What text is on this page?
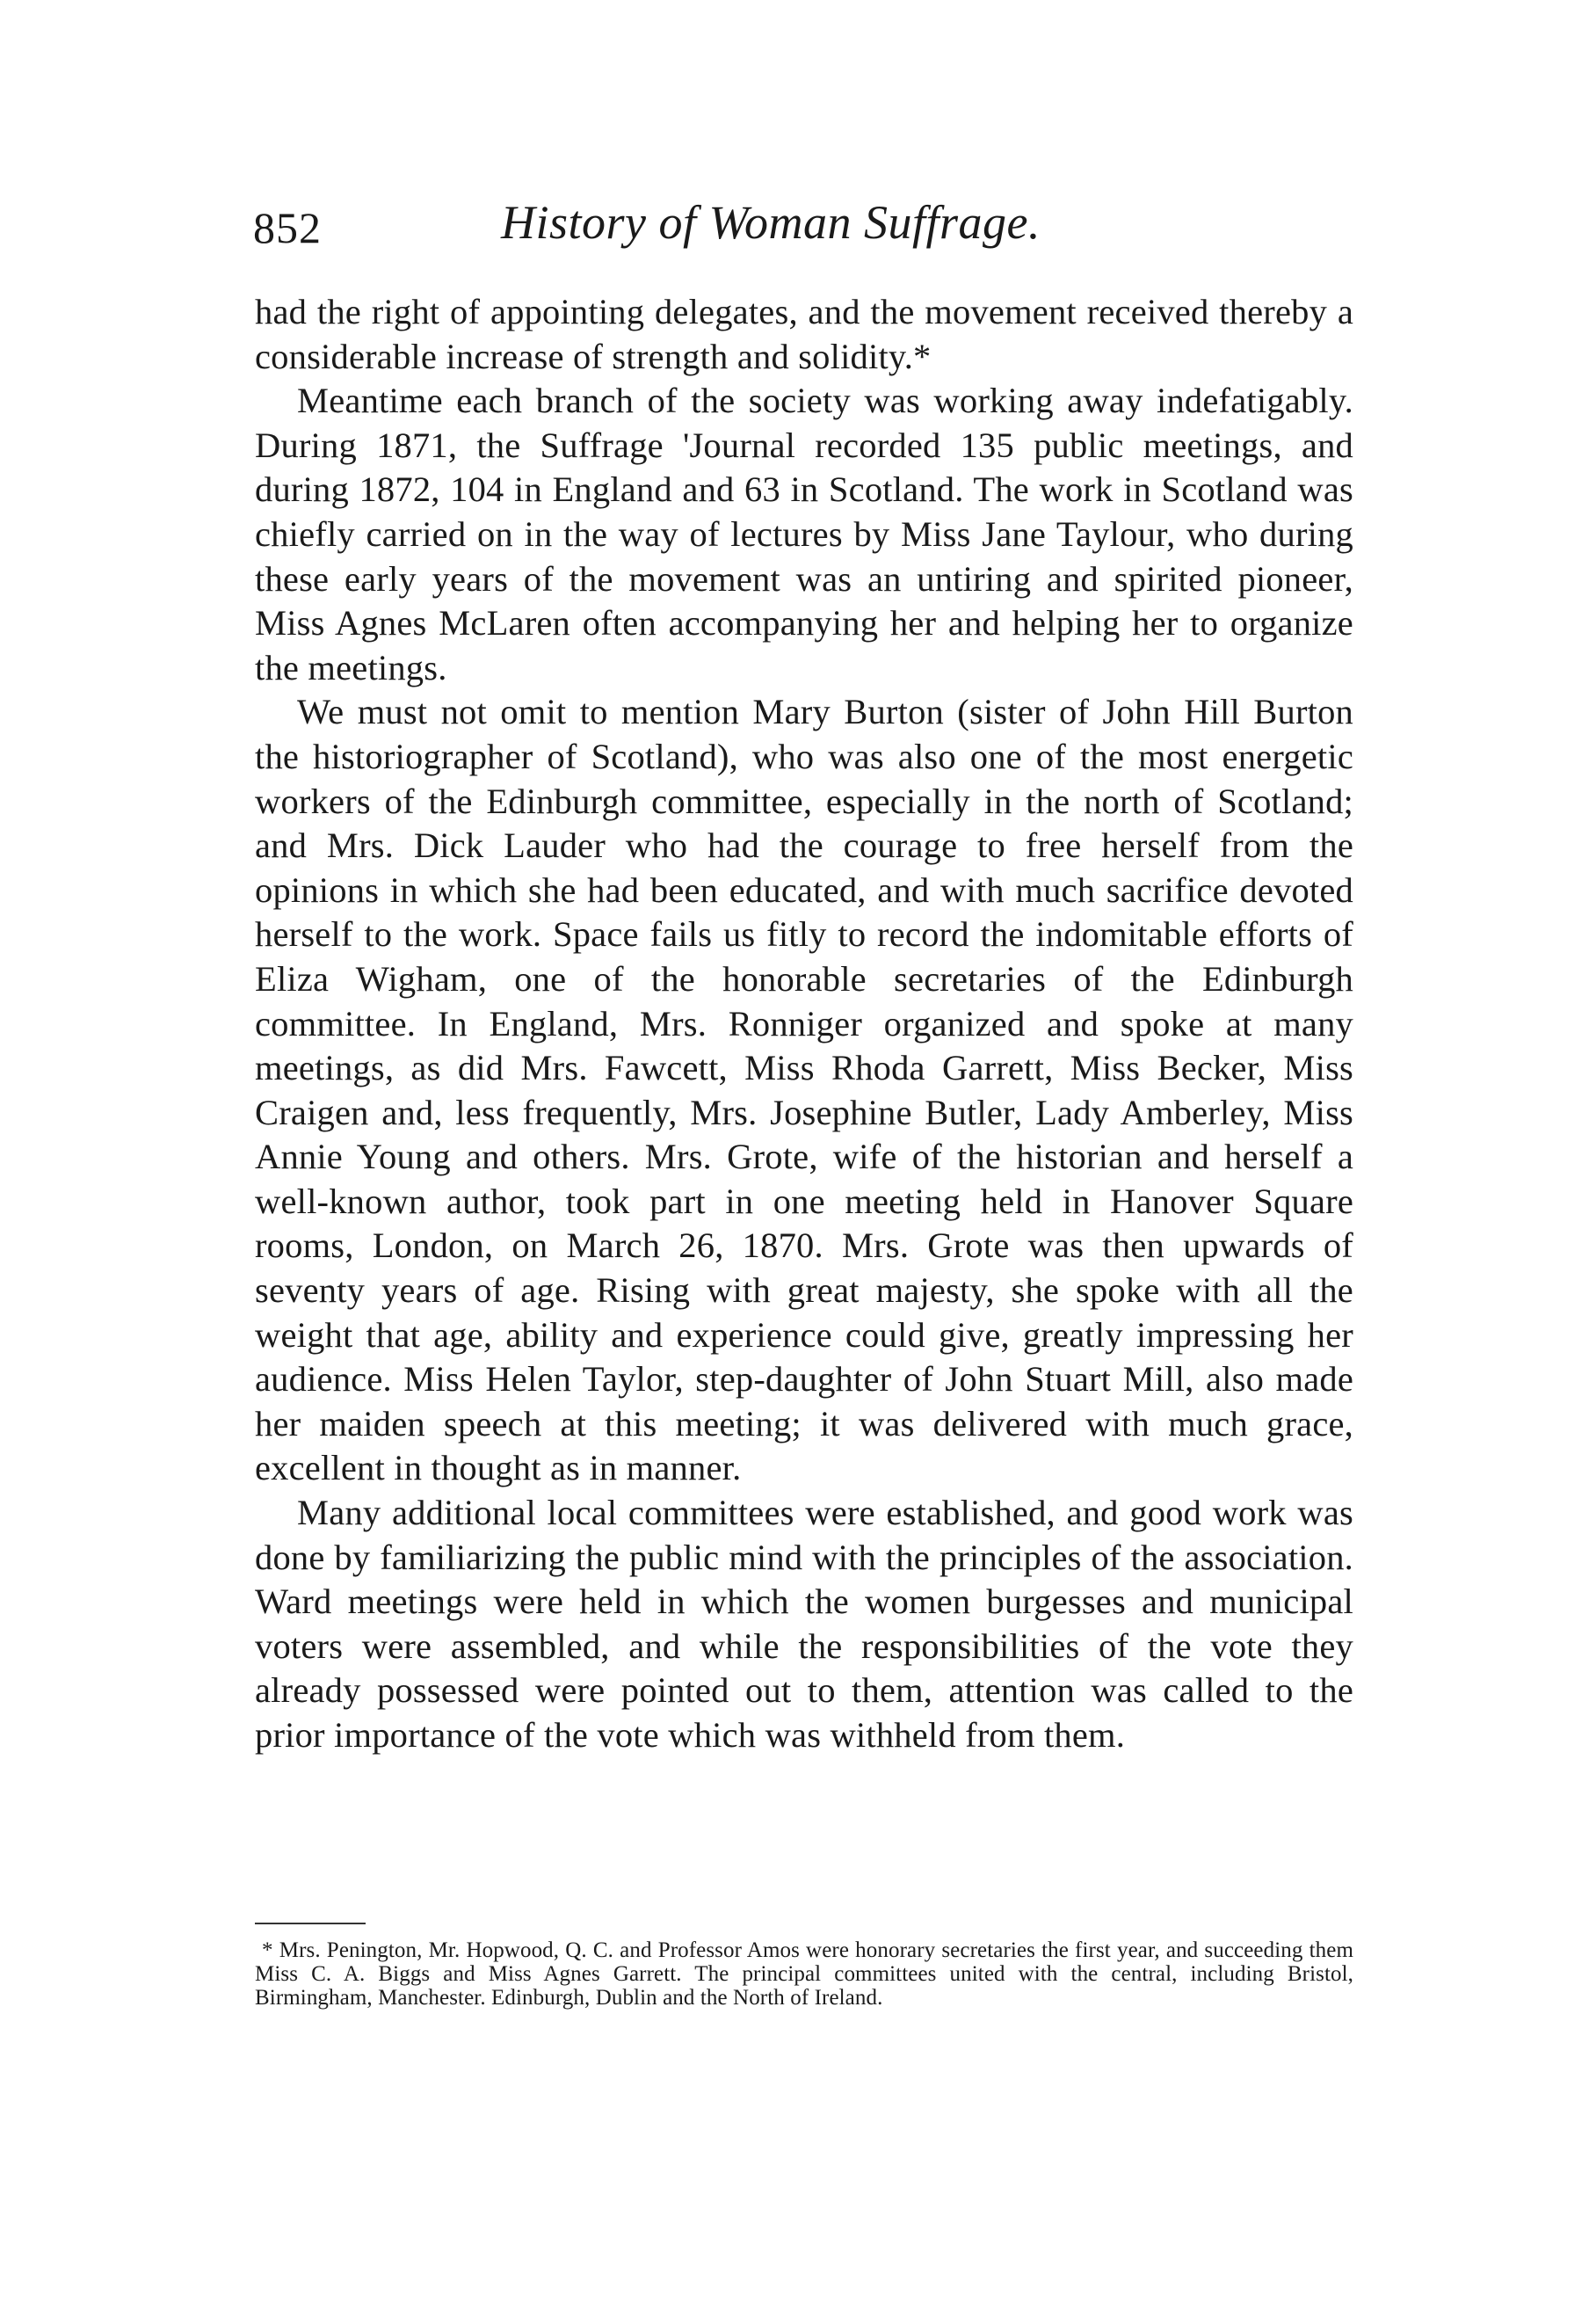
852	History of Woman Suffrage.

had the right of appointing delegates, and the movement received thereby a considerable increase of strength and solidity.*

Meantime each branch of the society was working away indefatigably. During 1871, the Suffrage 'Journal recorded 135 public meetings, and during 1872, 104 in England and 63 in Scotland. The work in Scotland was chiefly carried on in the way of lectures by Miss Jane Taylour, who during these early years of the movement was an untiring and spirited pioneer, Miss Agnes McLaren often accompanying her and helping her to organize the meetings.

We must not omit to mention Mary Burton (sister of John Hill Burton the historiographer of Scotland), who was also one of the most energetic workers of the Edinburgh committee, especially in the north of Scotland; and Mrs. Dick Lauder who had the courage to free herself from the opinions in which she had been educated, and with much sacrifice devoted herself to the work. Space fails us fitly to record the indomitable efforts of Eliza Wigham, one of the honorable secretaries of the Edinburgh committee. In England, Mrs. Ronniger organized and spoke at many meetings, as did Mrs. Fawcett, Miss Rhoda Garrett, Miss Becker, Miss Craigen and, less frequently, Mrs. Josephine Butler, Lady Amberley, Miss Annie Young and others. Mrs. Grote, wife of the historian and herself a well-known author, took part in one meeting held in Hanover Square rooms, London, on March 26, 1870. Mrs. Grote was then upwards of seventy years of age. Rising with great majesty, she spoke with all the weight that age, ability and experience could give, greatly impressing her audience. Miss Helen Taylor, step-daughter of John Stuart Mill, also made her maiden speech at this meeting; it was delivered with much grace, excellent in thought as in manner.

Many additional local committees were established, and good work was done by familiarizing the public mind with the principles of the association. Ward meetings were held in which the women burgesses and municipal voters were assembled, and while the responsibilities of the vote they already possessed were pointed out to them, attention was called to the prior importance of the vote which was withheld from them.

* Mrs. Penington, Mr. Hopwood, Q. C. and Professor Amos were honorary secretaries the first year, and succeeding them Miss C. A. Biggs and Miss Agnes Garrett. The principal committees united with the central, including Bristol, Birmingham, Manchester. Edinburgh, Dublin and the North of Ireland.
